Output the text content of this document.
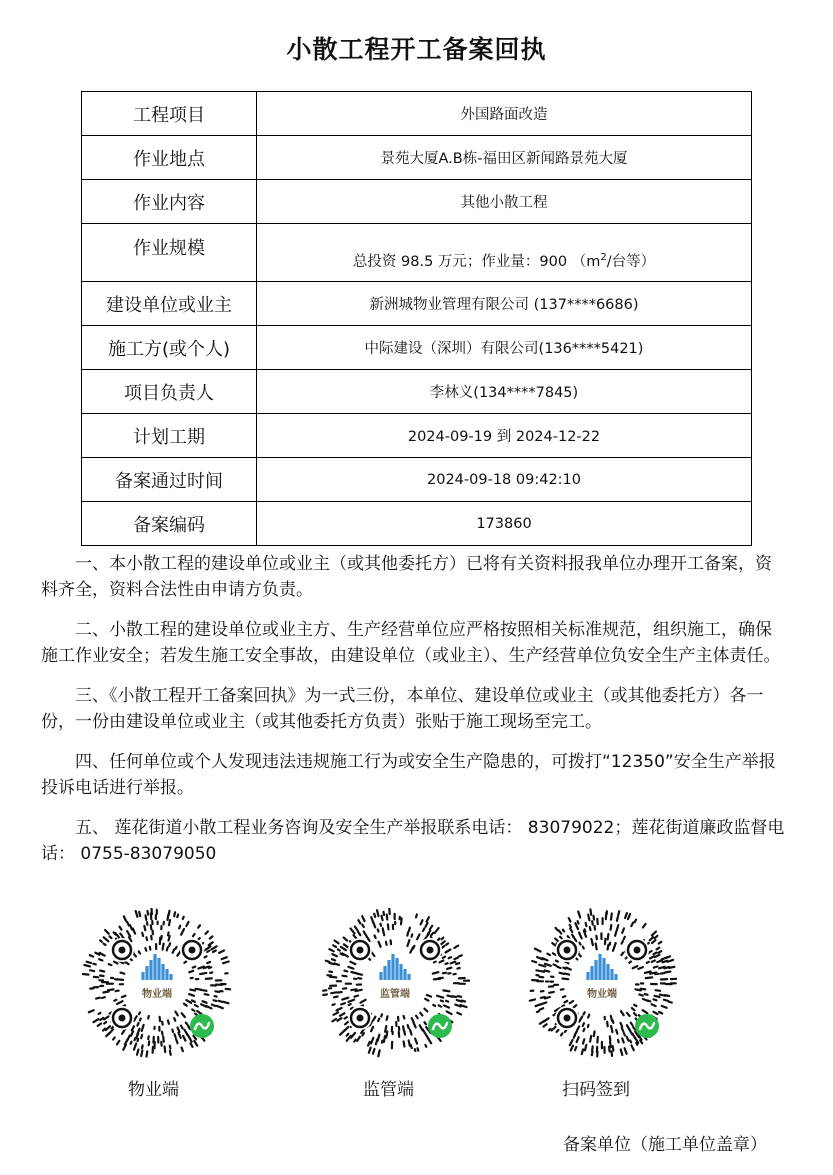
小散工程开工备案回执
工程项目	外国路面改造
作业地点	景苑大厦A.B栋-福田区新闻路景苑大厦
作业内容	其他小散工程
作业规模	总投资 98.5 万元；作业量：900 （$m^2/$台等）
建设单位或业主	新洲城物业管理有限公司 (137****6686)
施工方(或个人)	中际建设（深圳）有限公司(136****5421)
项目负责人	李林义(134****7845)
计划工期	2024-09-19 到 2024-12-22
备案通过时间	2024-09-18 09:42:10
备案编码	173860

一、本小散工程的建设单位或业主（或其他委托方）已将有关资料报我单位办理开工备案，资料齐全，资料合法性由申请方负责。

二、小散工程的建设单位或业主方、生产经营单位应严格按照相关标准规范，组织施工，确保施工作业安全；若发生施工安全事故，由建设单位（或业主）、生产经营单位负安全生产主体责任。

三、《小散工程开工备案回执》为一式三份，本单位、建设单位或业主（或其他委托方）各一份，一份由建设单位或业主（或其他委托方负责）张贴于施工现场至完工。

四、任何单位或个人发现违法违规施工行为或安全生产隐患的，可拨打“12350”安全生产举报投诉电话进行举报。

五、 莲花街道小散工程业务咨询及安全生产举报联系电话： 83079022；莲花街道廉政监督电话： 0755-83079050

物业端	监管端	物业端
物业端	监管端	扫码签到
备案单位（施工单位盖章）
